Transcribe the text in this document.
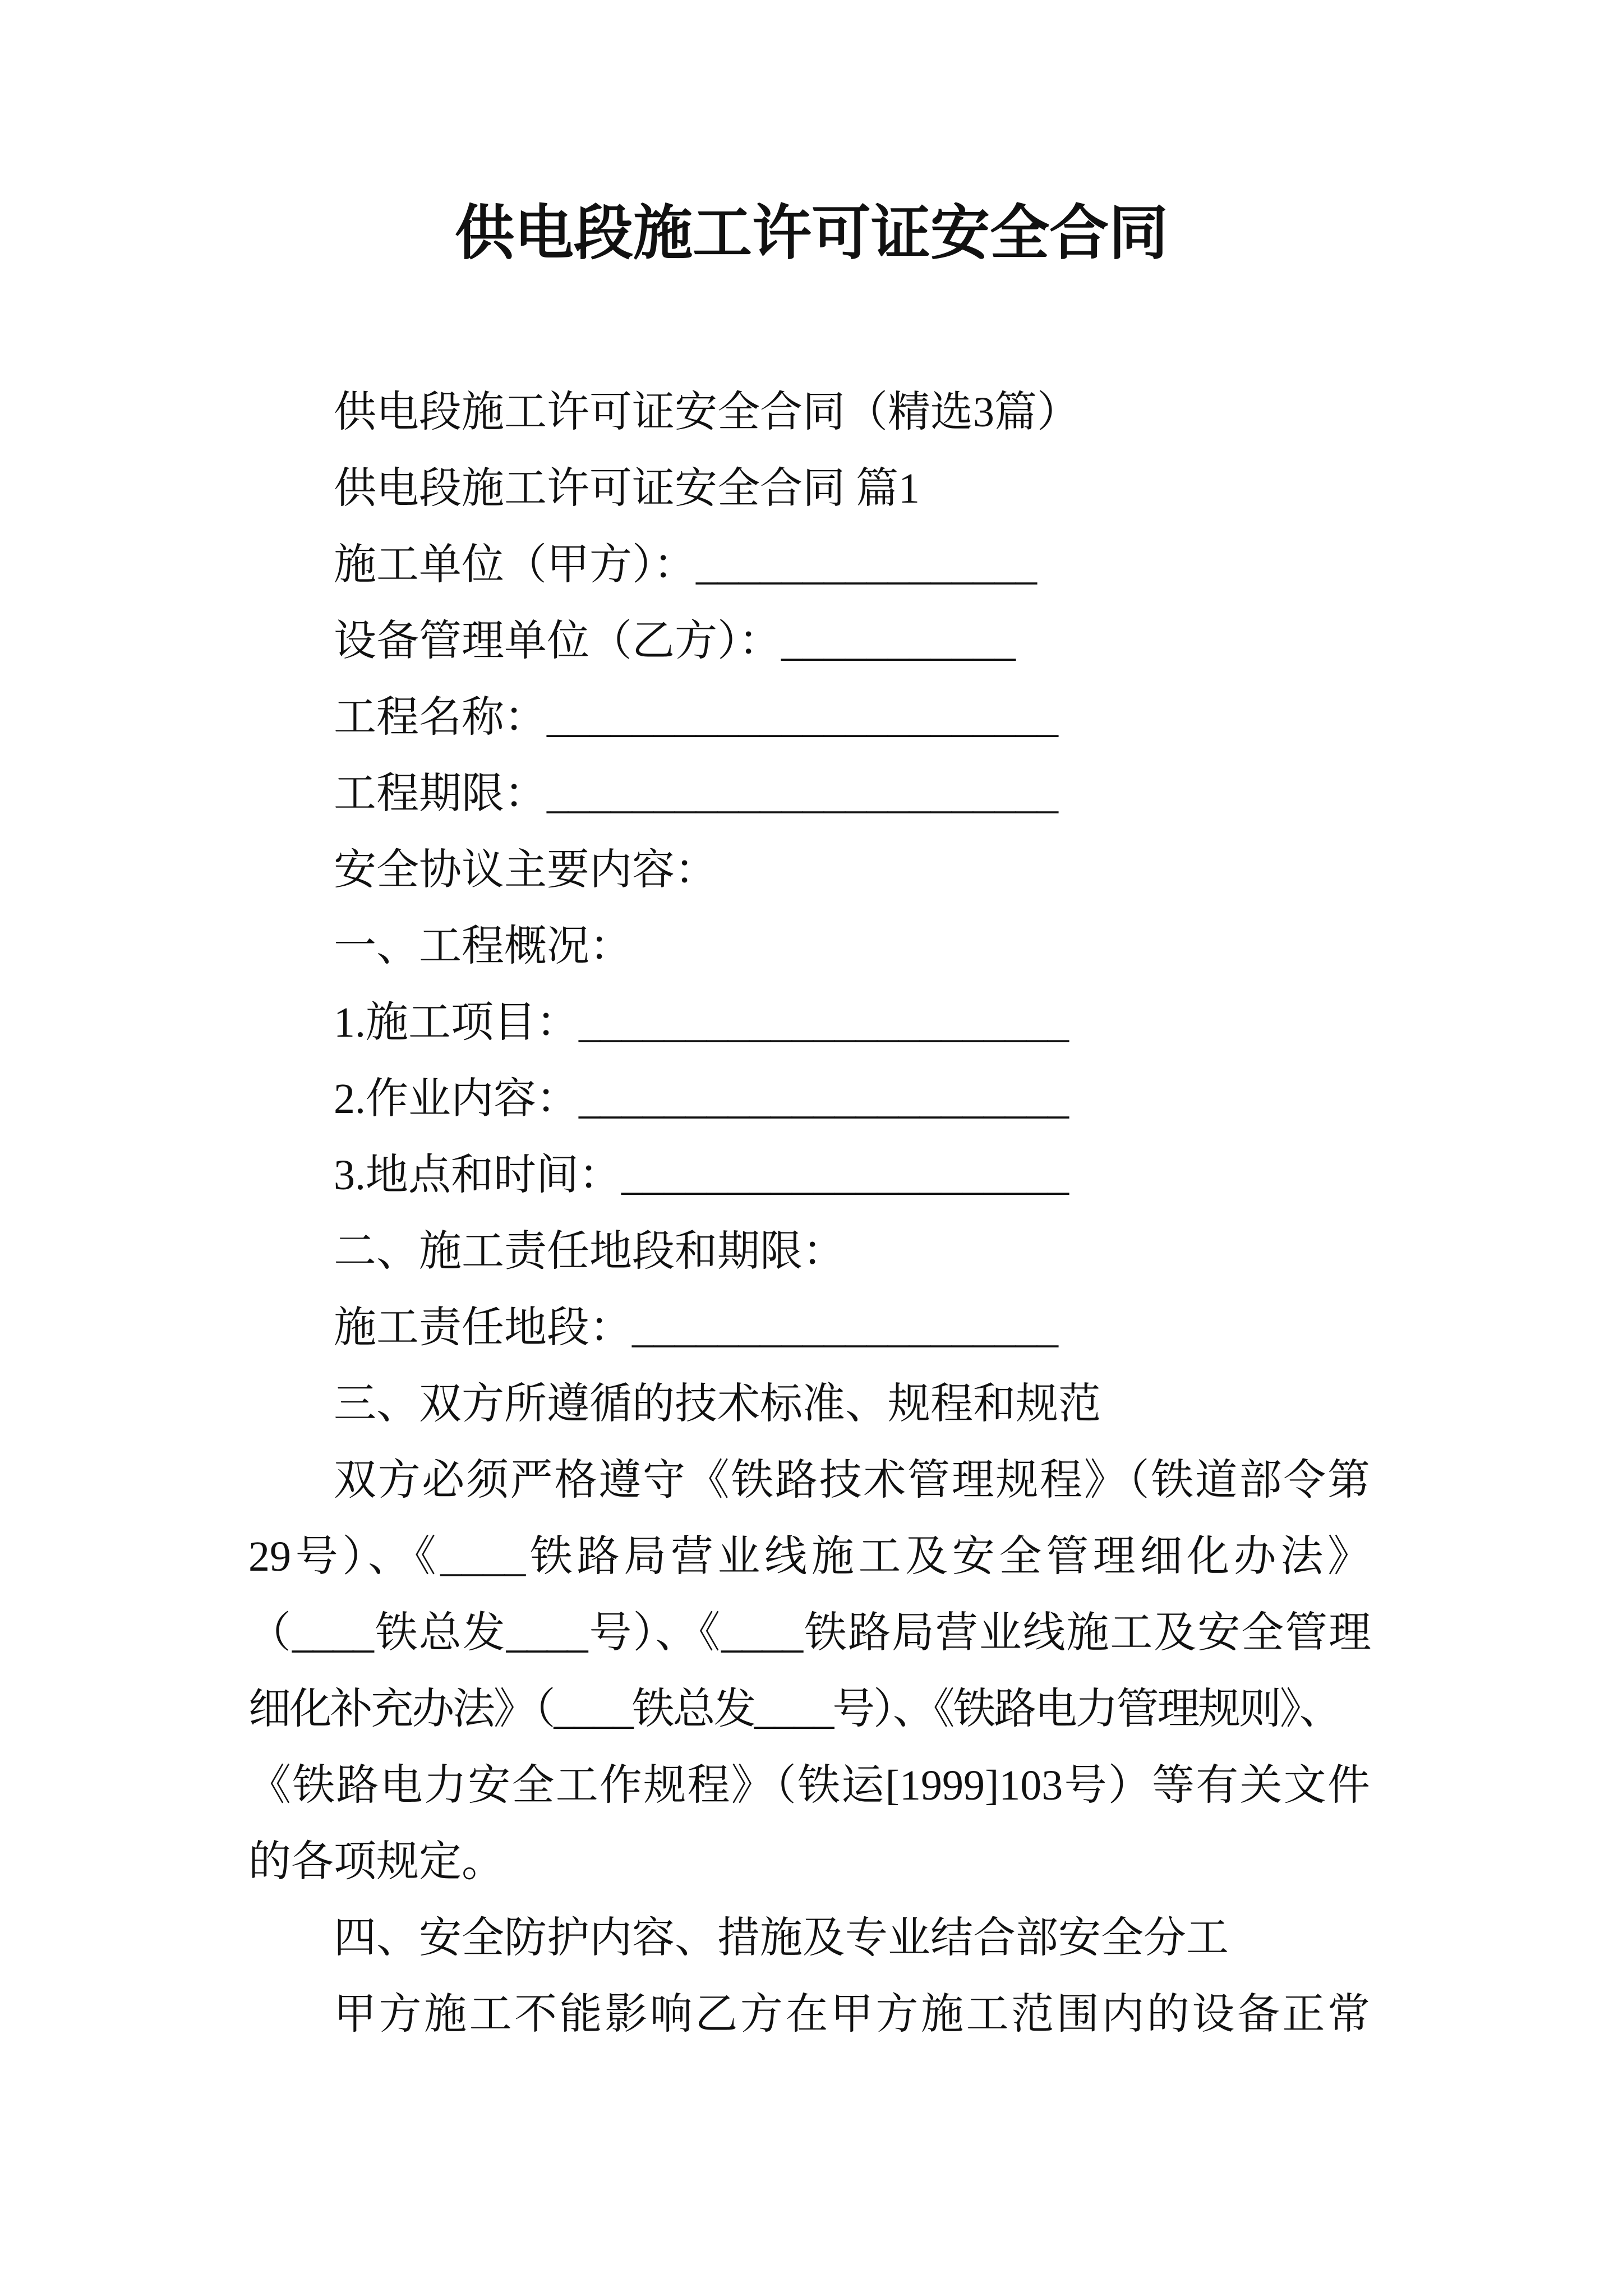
供电段施工许可证安全合同
供电段施工许可证安全合同（精选3篇）
供电段施工许可证安全合同 篇1
施工单位（甲方）：________________
设备管理单位（乙方）：___________
工程名称：________________________
工程期限：________________________
安全协议主要内容：
一、工程概况：
1.施工项目：_______________________
2.作业内容：_______________________
3.地点和时间：_____________________
二、施工责任地段和期限：
施工责任地段：____________________
三、双方所遵循的技术标准、规程和规范
双方必须严格遵守《铁路技术管理规程》（铁道部令第
29号）、《____铁路局营业线施工及安全管理细化办法》
（____铁总发____号）、《____铁路局营业线施工及安全管理
细化补充办法》（____铁总发____号）、《铁路电力管理规则》、
《铁路电力安全工作规程》（铁运[1999]103号）等有关文件
的各项规定。
四、安全防护内容、措施及专业结合部安全分工
甲方施工不能影响乙方在甲方施工范围内的设备正常
